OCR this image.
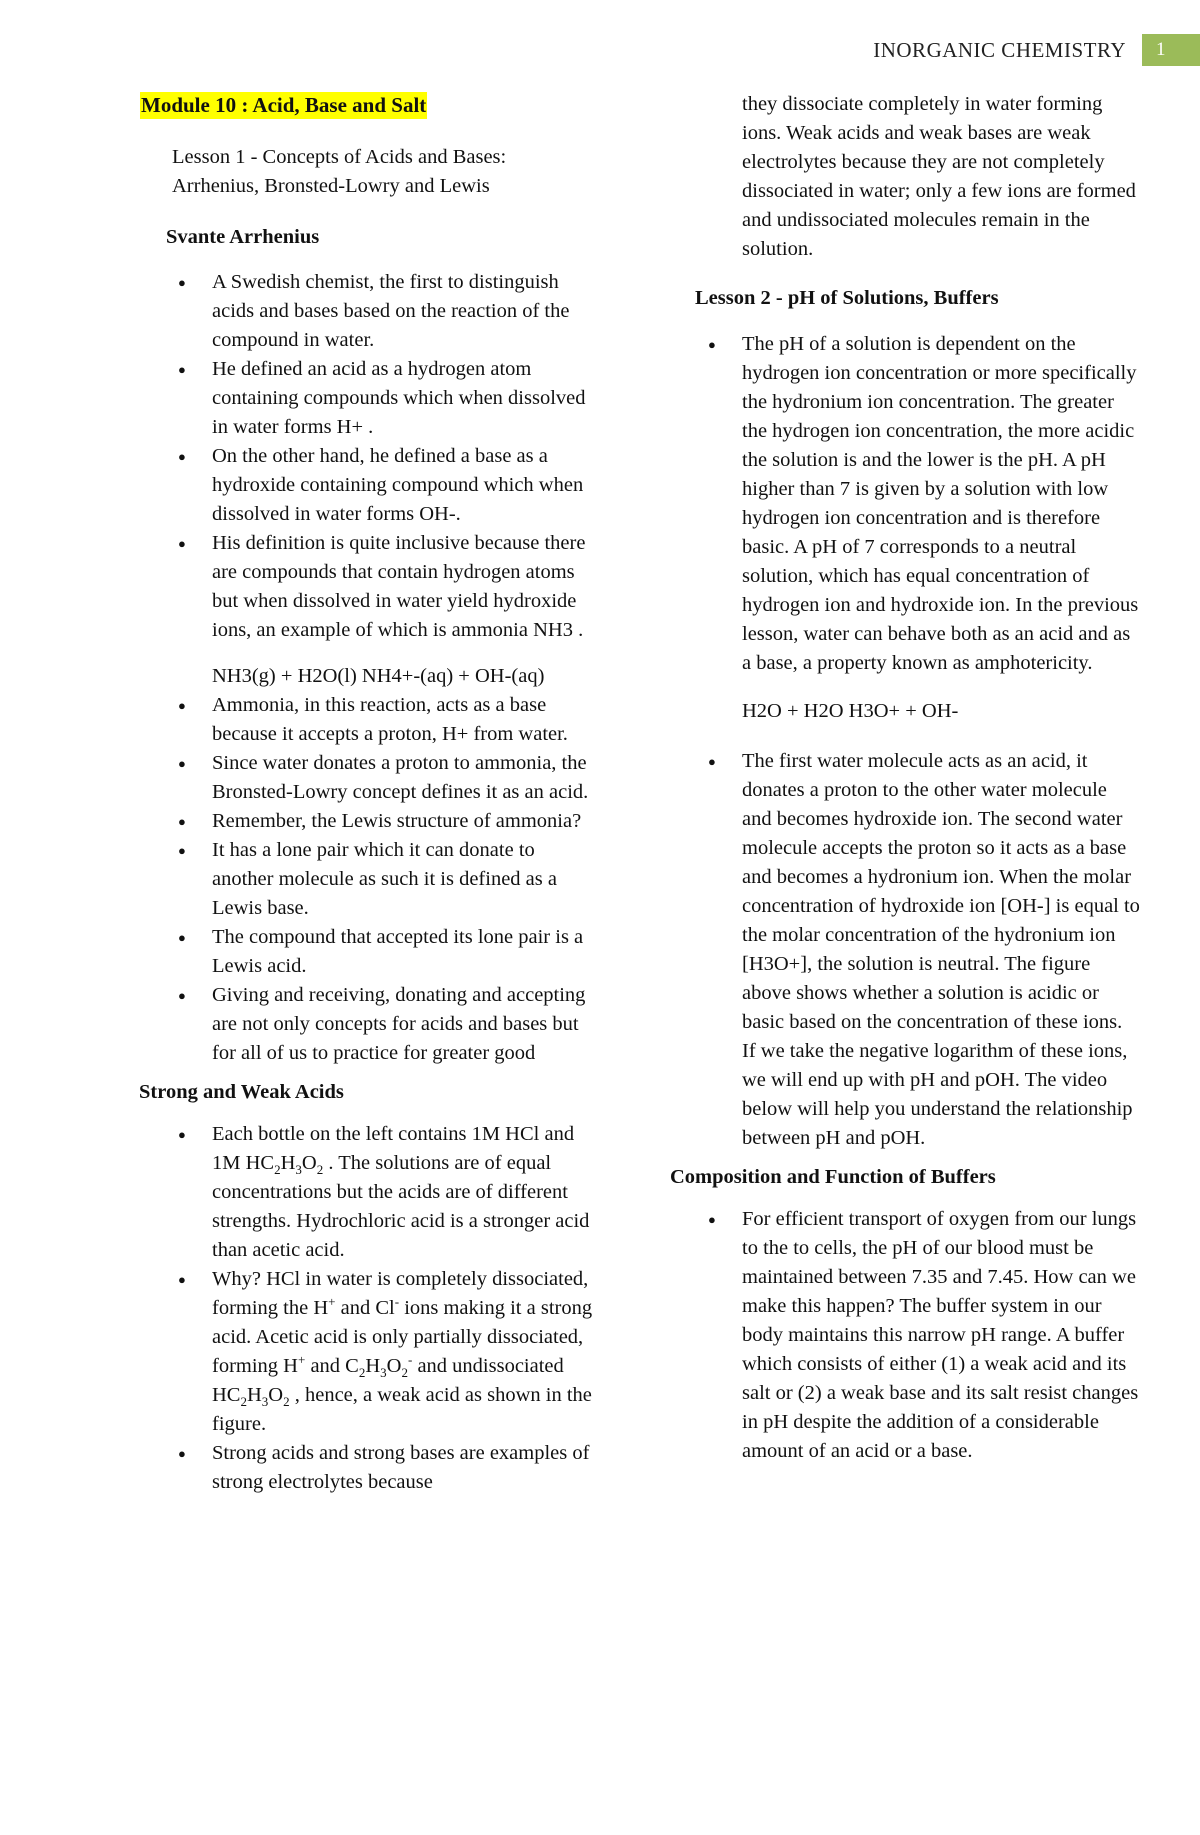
INORGANIC CHEMISTRY	1
Module 10 : Acid, Base and Salt
Lesson 1 - Concepts of Acids and Bases:
Arrhenius, Bronsted-Lowry and Lewis
Svante Arrhenius
● A Swedish chemist, the first to distinguish acids and bases based on the reaction of the compound in water.
● He defined an acid as a hydrogen atom containing compounds which when dissolved in water forms H+ .
● On the other hand, he defined a base as a hydroxide containing compound which when dissolved in water forms OH-.
● His definition is quite inclusive because there are compounds that contain hydrogen atoms but when dissolved in water yield hydroxide ions, an example of which is ammonia NH3 .
NH3(g) + H2O(l) NH4+-(aq) + OH-(aq)
● Ammonia, in this reaction, acts as a base because it accepts a proton, H+ from water.
● Since water donates a proton to ammonia, the Bronsted-Lowry concept defines it as an acid.
● Remember, the Lewis structure of ammonia?
● It has a lone pair which it can donate to another molecule as such it is defined as a Lewis base.
● The compound that accepted its lone pair is a Lewis acid.
● Giving and receiving, donating and accepting are not only concepts for acids and bases but for all of us to practice for greater good
Strong and Weak Acids
● Each bottle on the left contains 1M HCl and 1M $HC_2H_3O_2$ . The solutions are of equal concentrations but the acids are of different strengths. Hydrochloric acid is a stronger acid than acetic acid.
● Why? HCl in water is completely dissociated, forming the H+ and Cl- ions making it a strong acid. Acetic acid is only partially dissociated, forming H+ and $C_2H_3O_2^-$ and undissociated $HC_2H_3O_2$ , hence, a weak acid as shown in the figure.
● Strong acids and strong bases are examples of strong electrolytes because
they dissociate completely in water forming ions. Weak acids and weak bases are weak electrolytes because they are not completely dissociated in water; only a few ions are formed and undissociated molecules remain in the solution.
Lesson 2 - pH of Solutions, Buffers
● The pH of a solution is dependent on the hydrogen ion concentration or more specifically the hydronium ion concentration. The greater the hydrogen ion concentration, the more acidic the solution is and the lower is the pH. A pH higher than 7 is given by a solution with low hydrogen ion concentration and is therefore basic. A pH of 7 corresponds to a neutral solution, which has equal concentration of hydrogen ion and hydroxide ion. In the previous lesson, water can behave both as an acid and as a base, a property known as amphotericity.
H2O + H2O H3O+ + OH-
● The first water molecule acts as an acid, it donates a proton to the other water molecule and becomes hydroxide ion. The second water molecule accepts the proton so it acts as a base and becomes a hydronium ion. When the molar concentration of hydroxide ion [OH-] is equal to the molar concentration of the hydronium ion [H3O+], the solution is neutral. The figure above shows whether a solution is acidic or basic based on the concentration of these ions. If we take the negative logarithm of these ions, we will end up with pH and pOH. The video below will help you understand the relationship between pH and pOH.
Composition and Function of Buffers
● For efficient transport of oxygen from our lungs to the to cells, the pH of our blood must be maintained between 7.35 and 7.45. How can we make this happen? The buffer system in our body maintains this narrow pH range. A buffer which consists of either (1) a weak acid and its salt or (2) a weak base and its salt resist changes in pH despite the addition of a considerable amount of an acid or a base.
